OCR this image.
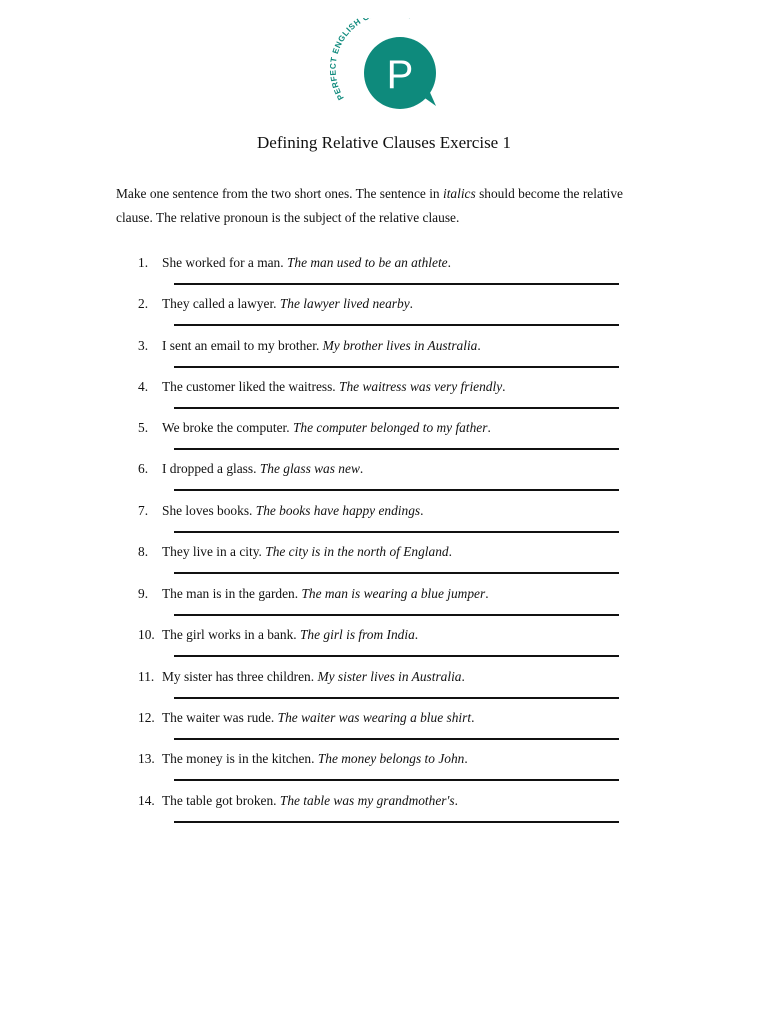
PERFECT ENGLISH
P
Defining Relative Clauses Exercise 1
Make one sentence from the two short ones. The sentence in italics should become the relative clause. The relative pronoun is the subject of the relative clause.
1. She worked for a man. The man used to be an athlete.
2. They called a lawyer. The lawyer lived nearby.
3. I sent an email to my brother. My brother lives in Australia.
4. The customer liked the waitress. The waitress was very friendly.
5. We broke the computer. The computer belonged to my father.
6. I dropped a glass. The glass was new.
7. She loves books. The books have happy endings.
8. They live in a city. The city is in the north of England.
9. The man is in the garden. The man is wearing a blue jumper.
10. The girl works in a bank. The girl is from India.
11. My sister has three children. My sister lives in Australia.
12. The waiter was rude. The waiter was wearing a blue shirt.
13. The money is in the kitchen. The money belongs to John.
14. The table got broken. The table was my grandmother's.
